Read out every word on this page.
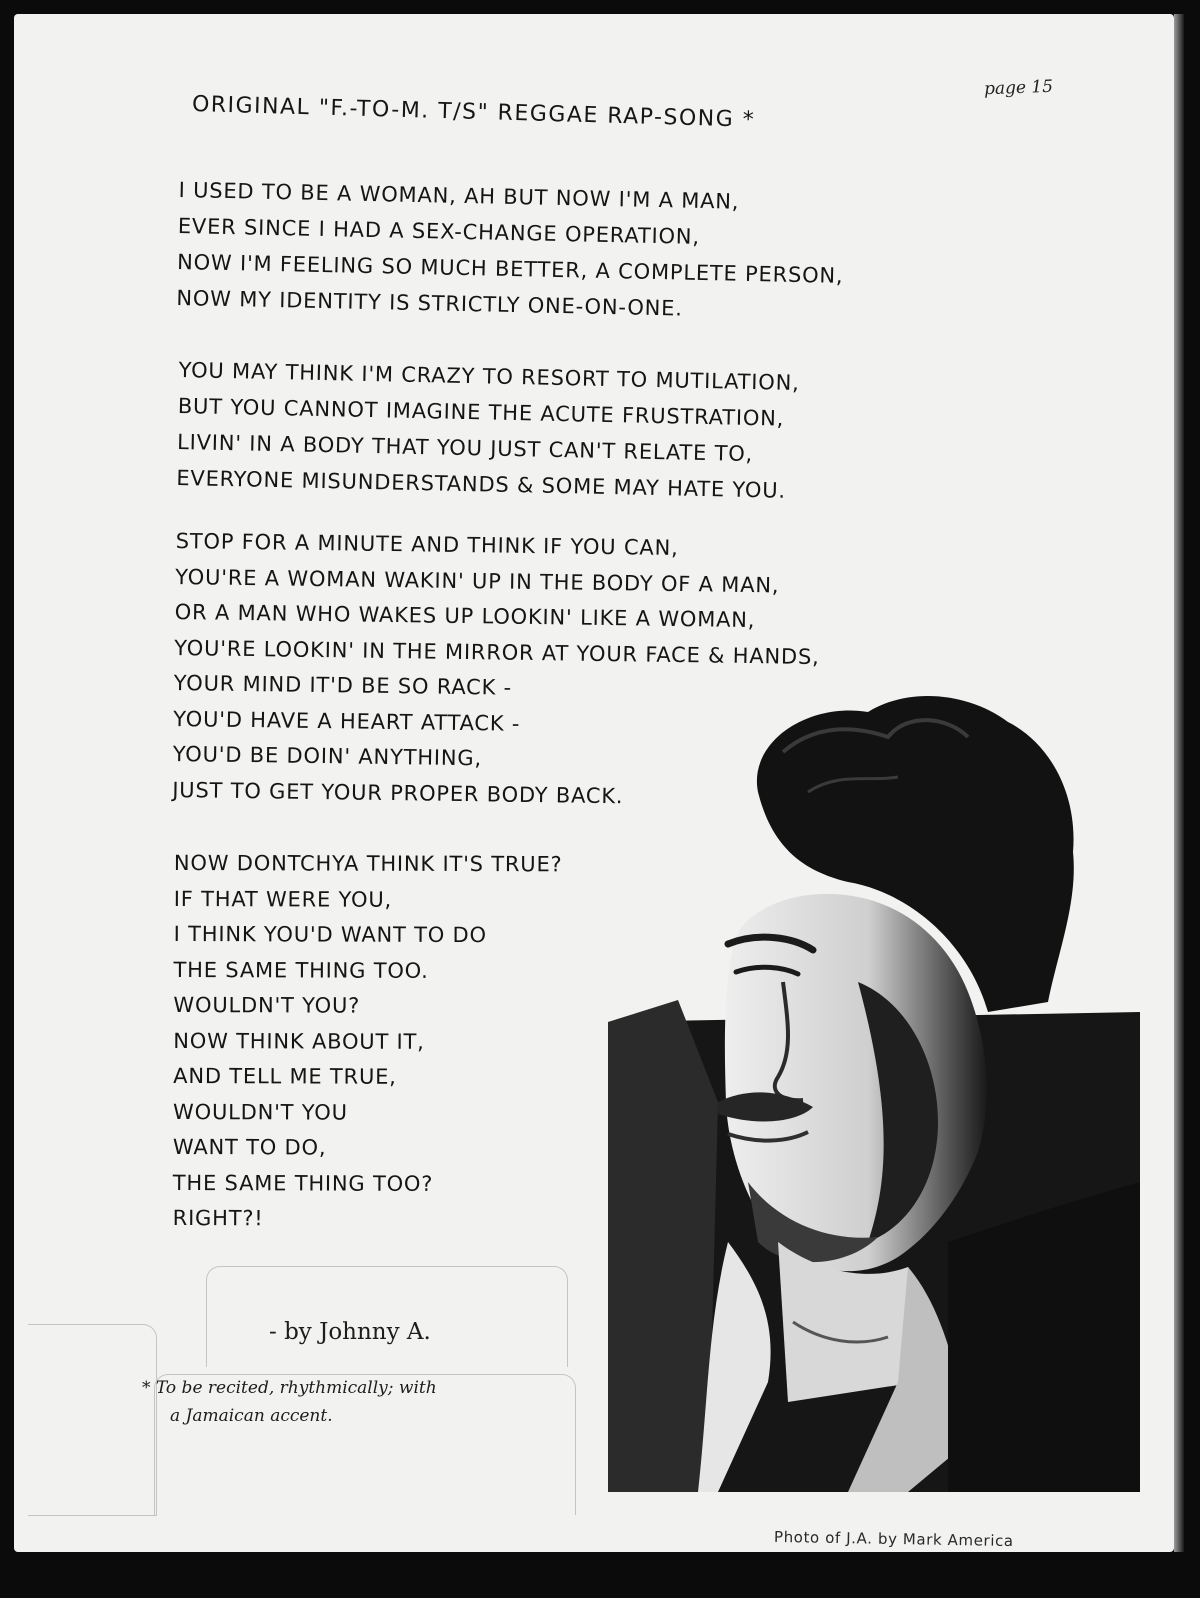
page 15
ORIGINAL "F.-TO-M. T/S" REGGAE RAP-SONG *
I USED TO BE A WOMAN, AH BUT NOW I'M A MAN,
EVER SINCE I HAD A SEX-CHANGE OPERATION,
NOW I'M FEELING SO MUCH BETTER, A COMPLETE PERSON,
NOW MY IDENTITY IS STRICTLY ONE-ON-ONE.
YOU MAY THINK I'M CRAZY TO RESORT TO MUTILATION,
BUT YOU CANNOT IMAGINE THE ACUTE FRUSTRATION,
LIVIN' IN A BODY THAT YOU JUST CAN'T RELATE TO,
EVERYONE MISUNDERSTANDS & SOME MAY HATE YOU.
STOP FOR A MINUTE AND THINK IF YOU CAN,
YOU'RE A WOMAN WAKIN' UP IN THE BODY OF A MAN,
OR A MAN WHO WAKES UP LOOKIN' LIKE A WOMAN,
YOU'RE LOOKIN' IN THE MIRROR AT YOUR FACE & HANDS,
YOUR MIND IT'D BE SO RACK -
YOU'D HAVE A HEART ATTACK -
YOU'D BE DOIN' ANYTHING,
JUST TO GET YOUR PROPER BODY BACK.
NOW DONTCHYA THINK IT'S TRUE?
IF THAT WERE YOU,
I THINK YOU'D WANT TO DO
THE SAME THING TOO.
WOULDN'T YOU?
NOW THINK ABOUT IT,
AND TELL ME TRUE,
WOULDN'T YOU
WANT TO DO,
THE SAME THING TOO?
RIGHT?!
- by Johnny A.
* To be recited, rhythmically; with
a Jamaican accent.
Photo of J.A. by Mark America
